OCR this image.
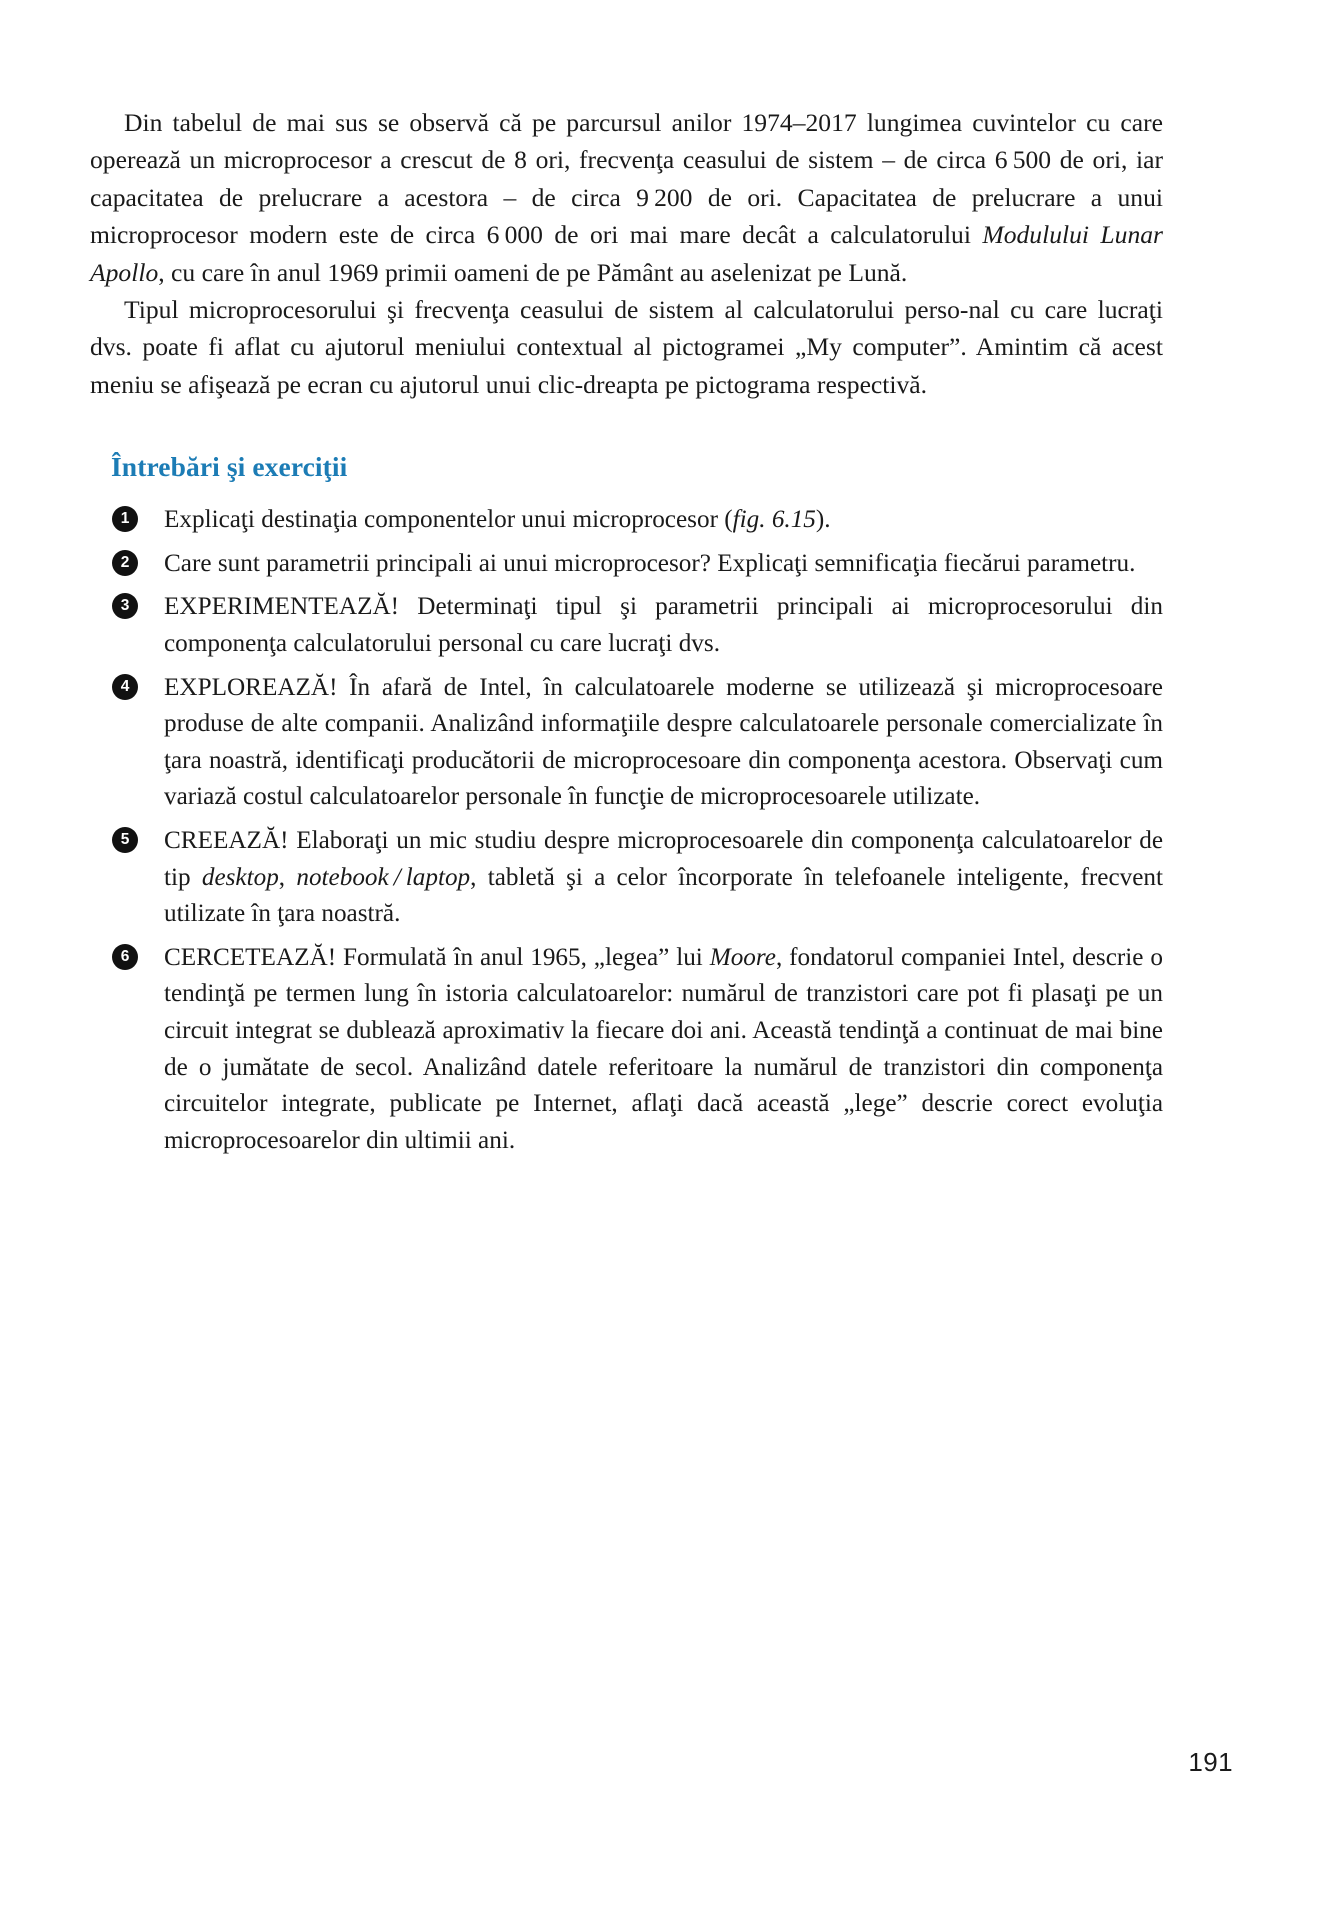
Din tabelul de mai sus se observă că pe parcursul anilor 1974–2017 lungimea cuvintelor cu care operează un microprocesor a crescut de 8 ori, frecvenţa ceasului de sistem – de circa 6 500 de ori, iar capacitatea de prelucrare a acestora – de circa 9 200 de ori. Capacitatea de prelucrare a unui microprocesor modern este de circa 6 000 de ori mai mare decât a calculatorului Modulului Lunar Apollo, cu care în anul 1969 primii oameni de pe Pământ au aselenizat pe Lună.

Tipul microprocesorului şi frecvenţa ceasului de sistem al calculatorului perso‑nal cu care lucraţi dvs. poate fi aflat cu ajutorul meniului contextual al pictogramei „My computer”. Amintim că acest meniu se afişează pe ecran cu ajutorul unui clic-dreapta pe pictograma respectivă.

Întrebări şi exerciţii
1	Explicaţi destinaţia componentelor unui microprocesor (fig. 6.15).
2	Care sunt parametrii principali ai unui microprocesor? Explicaţi semnificaţia fiecărui parametru.
3	EXPERIMENTEAZĂ! Determinaţi tipul şi parametrii principali ai microprocesorului din componenţa calculatorului personal cu care lucraţi dvs.
4	EXPLOREAZĂ! În afară de Intel, în calculatoarele moderne se utilizează şi microprocesoare produse de alte companii. Analizând informaţiile despre calculatoarele personale comercializate în ţara noastră, identificaţi producătorii de microprocesoare din componenţa acestora. Observaţi cum variază costul calculatoarelor personale în funcţie de microprocesoarele utilizate.
5	CREEAZĂ! Elaboraţi un mic studiu despre microprocesoarele din componenţa calculatoarelor de tip desktop, notebook / laptop, tabletă şi a celor încorporate în telefoanele inteligente, frecvent utilizate în ţara noastră.
6	CERCETEAZĂ! Formulată în anul 1965, „legea” lui Moore, fondatorul companiei Intel, descrie o tendinţă pe termen lung în istoria calculatoarelor: numărul de tranzistori care pot fi plasaţi pe un circuit integrat se dublează aproximativ la fiecare doi ani. Această tendinţă a continuat de mai bine de o jumătate de secol. Analizând datele referitoare la numărul de tranzistori din componenţa circuitelor integrate, publicate pe Internet, aflaţi dacă această „lege” descrie corect evoluţia microprocesoarelor din ultimii ani.
191
